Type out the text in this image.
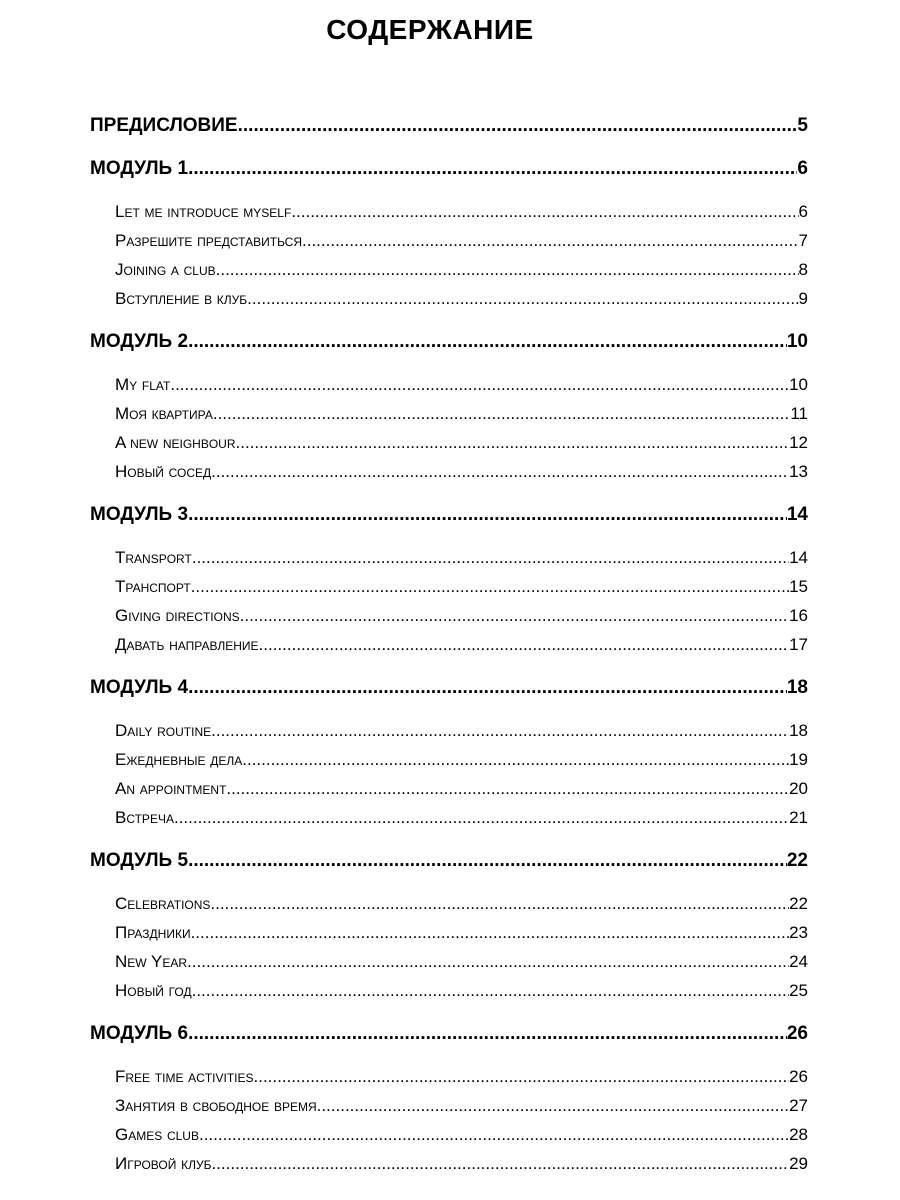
СОДЕРЖАНИЕ
ПРЕДИСЛОВИЕ .....	5
МОДУЛЬ 1 .....	6
Let me introduce myself .....	6
Разрешите представиться .....	7
Joining a club .....	8
Вступление в клуб .....	9
МОДУЛЬ 2 .....	10
My flat .....	10
Моя квартира .....	11
A new neighbour .....	12
Новый сосед .....	13
МОДУЛЬ 3 .....	14
Transport .....	14
Транспорт .....	15
Giving directions .....	16
Давать направление .....	17
МОДУЛЬ 4 .....	18
Daily routine .....	18
Ежедневные дела .....	19
An appointment .....	20
Встреча .....	21
МОДУЛЬ 5 .....	22
Celebrations .....	22
Праздники .....	23
New Year .....	24
Новый год .....	25
МОДУЛЬ 6 .....	26
Free time activities .....	26
Занятия в свободное время .....	27
Games club .....	28
Игровой клуб .....	29
